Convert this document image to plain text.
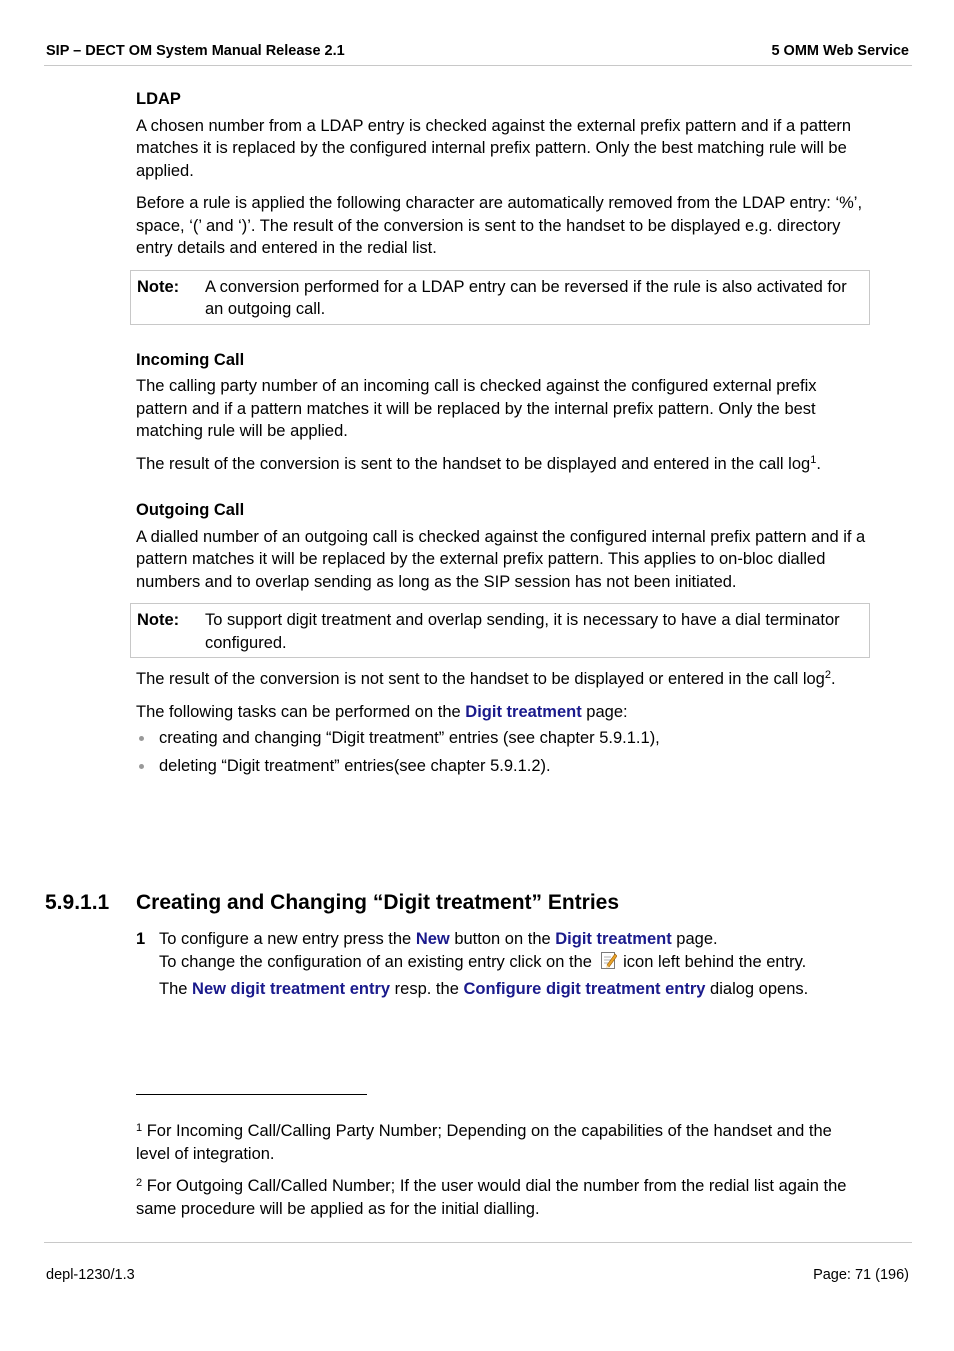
SIP – DECT OM System Manual Release 2.1	5 OMM Web Service

LDAP

A chosen number from a LDAP entry is checked against the external prefix pattern and if a pattern matches it is replaced by the configured internal prefix pattern. Only the best matching rule will be applied.

Before a rule is applied the following character are automatically removed from the LDAP entry: ‘%’, space, ‘(’ and ‘)’. The result of the conversion is sent to the handset to be displayed e.g. directory entry details and entered in the redial list.

Note: A conversion performed for a LDAP entry can be reversed if the rule is also activated for an outgoing call.

Incoming Call

The calling party number of an incoming call is checked against the configured external prefix pattern and if a pattern matches it will be replaced by the internal prefix pattern. Only the best matching rule will be applied.

The result of the conversion is sent to the handset to be displayed and entered in the call $\log^1$.

Outgoing Call

A dialled number of an outgoing call is checked against the configured internal prefix pattern and if a pattern matches it will be replaced by the external prefix pattern. This applies to on-bloc dialled numbers and to overlap sending as long as the SIP session has not been initiated.

Note: To support digit treatment and overlap sending, it is necessary to have a dial terminator configured.

The result of the conversion is not sent to the handset to be displayed or entered in the call $\log^2$.

The following tasks can be performed on the Digit treatment page:

creating and changing “Digit treatment” entries (see chapter 5.9.1.1),
deleting “Digit treatment” entries(see chapter 5.9.1.2).
5.9.1.1 Creating and Changing “Digit treatment” Entries
1 To configure a new entry press the New button on the Digit treatment page.
To change the configuration of an existing entry click on the  icon left behind the entry.
The New digit treatment entry resp. the Configure digit treatment entry dialog opens.

$^1$ For Incoming Call/Calling Party Number; Depending on the capabilities of the handset and the level of integration.

$^2$ For Outgoing Call/Called Number; If the user would dial the number from the redial list again the same procedure will be applied as for the initial dialling.

depl-1230/1.3	Page: 71 (196)
